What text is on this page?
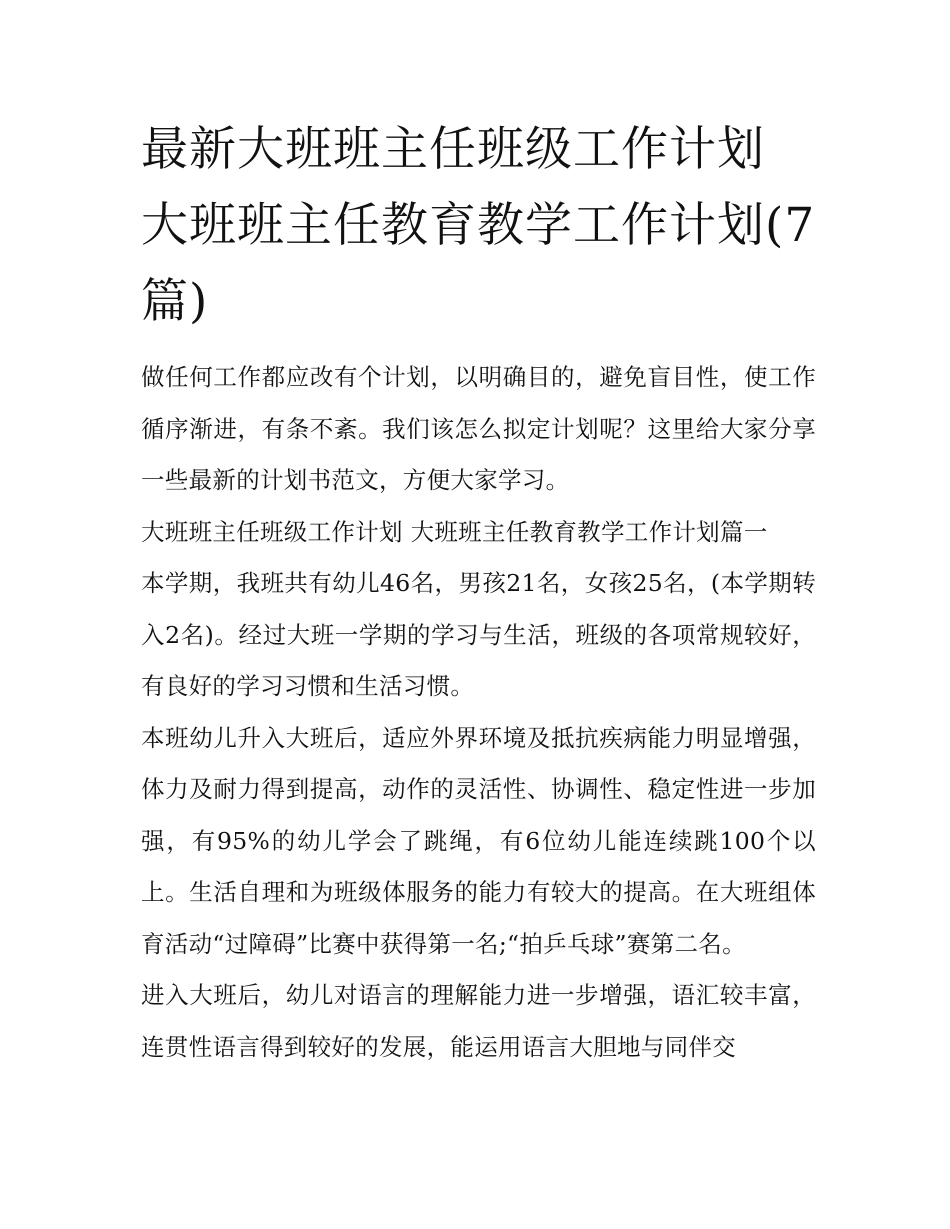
最新大班班主任班级工作计划 大班班主任教育教学工作计划(7篇)

做任何工作都应改有个计划，以明确目的，避免盲目性，使工作循序渐进，有条不紊。我们该怎么拟定计划呢？这里给大家分享一些最新的计划书范文，方便大家学习。

大班班主任班级工作计划 大班班主任教育教学工作计划篇一

本学期，我班共有幼儿46名，男孩21名，女孩25名，(本学期转入2名)。经过大班一学期的学习与生活，班级的各项常规较好，有良好的学习习惯和生活习惯。

本班幼儿升入大班后，适应外界环境及抵抗疾病能力明显增强，体力及耐力得到提高，动作的灵活性、协调性、稳定性进一步加强，有95%的幼儿学会了跳绳，有6位幼儿能连续跳100个以上。生活自理和为班级体服务的能力有较大的提高。在大班组体育活动“过障碍”比赛中获得第一名;“拍乒乓球”赛第二名。

进入大班后，幼儿对语言的理解能力进一步增强，语汇较丰富，连贯性语言得到较好的发展，能运用语言大胆地与同伴交
